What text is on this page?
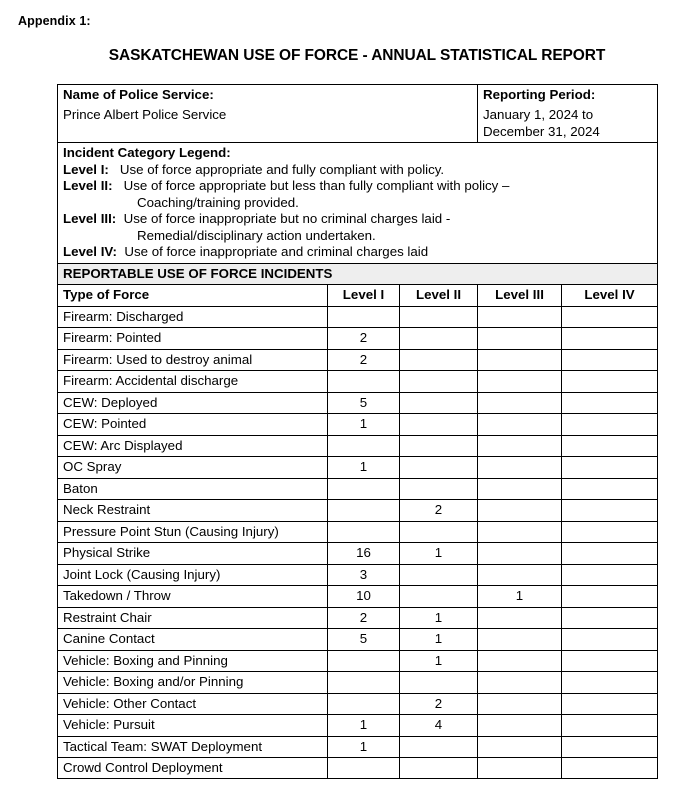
Appendix 1:
SASKATCHEWAN USE OF FORCE - ANNUAL STATISTICAL REPORT
Name of Police Service:			Reporting Period:	
Prince Albert Police Service			January 1, 2024 to
December 31, 2024	

Incident Category Legend:
Level I: Use of force appropriate and fully compliant with policy.
Level II: Use of force appropriate but less than fully compliant with policy –
Coaching/training provided.
Level III: Use of force inappropriate but no criminal charges laid -
Remedial/disciplinary action undertaken.
Level IV: Use of force inappropriate and criminal charges laid

REPORTABLE USE OF FORCE INCIDENTS				
Type of Force	Level I	Level II	Level III	Level IV
Firearm: Discharged				
Firearm: Pointed	2			
Firearm: Used to destroy animal	2			
Firearm: Accidental discharge				
CEW: Deployed	5			
CEW: Pointed	1			
CEW: Arc Displayed				
OC Spray	1			
Baton				
Neck Restraint		2		
Pressure Point Stun (Causing Injury)				
Physical Strike	16	1		
Joint Lock (Causing Injury)	3			
Takedown / Throw	10		1	
Restraint Chair	2	1		
Canine Contact	5	1		
Vehicle: Boxing and Pinning		1		
Vehicle: Boxing and/or Pinning				
Vehicle: Other Contact		2		
Vehicle: Pursuit	1	4		
Tactical Team: SWAT Deployment	1			
Crowd Control Deployment				
